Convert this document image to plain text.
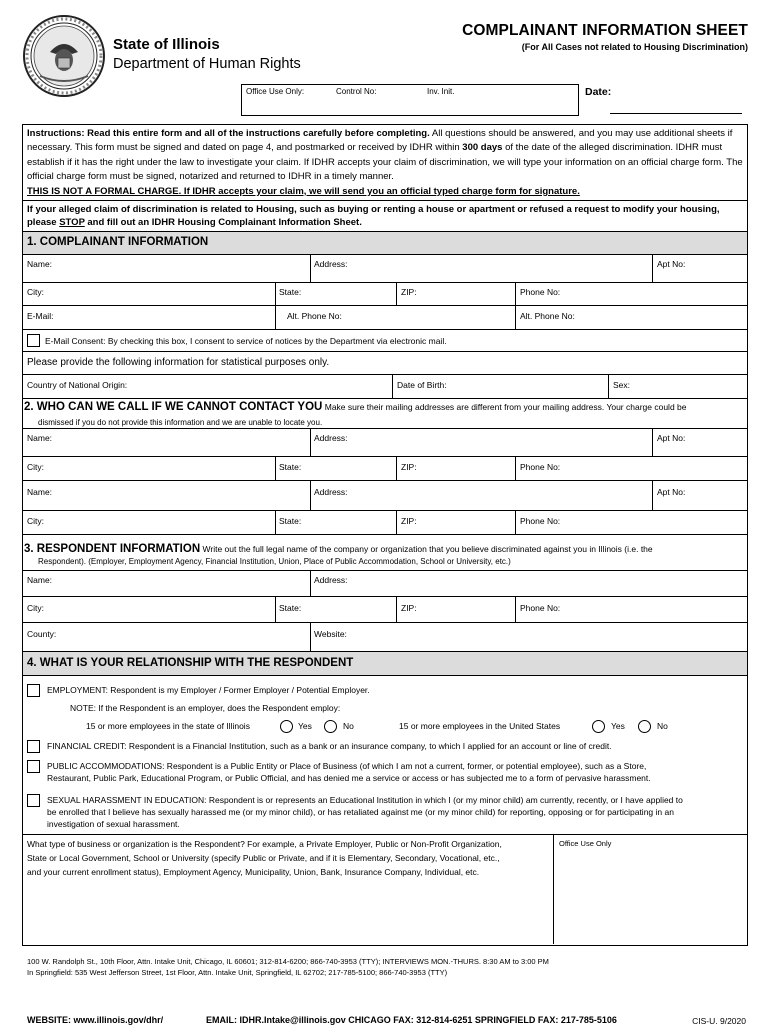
State of Illinois
Department of Human Rights
COMPLAINANT INFORMATION SHEET
(For All Cases not related to Housing Discrimination)
Office Use Only:	Control No:	Inv. Init.	Date:
Instructions: Read this entire form and all of the instructions carefully before completing. All questions should be answered, and you may use additional sheets if necessary. This form must be signed and dated on page 4, and postmarked or received by IDHR within 300 days of the date of the alleged discrimination. IDHR must establish if it has the right under the law to investigate your claim. If IDHR accepts your claim of discrimination, we will type your information on an official charge form. The official charge form must be signed, notarized and returned to IDHR in a timely manner.
THIS IS NOT A FORMAL CHARGE. If IDHR accepts your claim, we will send you an official typed charge form for signature.
If your alleged claim of discrimination is related to Housing, such as buying or renting a house or apartment or refused a request to modify your housing, please STOP and fill out an IDHR Housing Complainant Information Sheet.
1. COMPLAINANT INFORMATION
Name:	Address:	Apt No:
City:	State:	ZIP:	Phone No:
E-Mail:	Alt. Phone No:	Alt. Phone No:
E-Mail Consent: By checking this box, I consent to service of notices by the Department via electronic mail.
Please provide the following information for statistical purposes only.
Country of National Origin:	Date of Birth:	Sex:
2. WHO CAN WE CALL IF WE CANNOT CONTACT YOU Make sure their mailing addresses are different from your mailing address. Your charge could be
dismissed if you do not provide this information and we are unable to locate you.
Name:	Address:	Apt No:
City:	State:	ZIP:	Phone No:
Name:	Address:	Apt No:
City:	State:	ZIP:	Phone No:
3. RESPONDENT INFORMATION Write out the full legal name of the company or organization that you believe discriminated against you in Illinois (i.e. the
Respondent). (Employer, Employment Agency, Financial Institution, Union, Place of Public Accommodation, School or University, etc.)
Name:	Address:
City:	State:	ZIP:	Phone No:
County:	Website:
4. WHAT IS YOUR RELATIONSHIP WITH THE RESPONDENT
EMPLOYMENT: Respondent is my Employer / Former Employer / Potential Employer.
NOTE: If the Respondent is an employer, does the Respondent employ:
15 or more employees in the state of Illinois	Yes	No	15 or more employees in the United States	Yes	No
FINANCIAL CREDIT: Respondent is a Financial Institution, such as a bank or an insurance company, to which I applied for an account or line of credit.
PUBLIC ACCOMMODATIONS: Respondent is a Public Entity or Place of Business (of which I am not a current, former, or potential employee), such as a Store,
Restaurant, Public Park, Educational Program, or Public Official, and has denied me a service or access or has subjected me to a form of pervasive harassment.
SEXUAL HARASSMENT IN EDUCATION: Respondent is or represents an Educational Institution in which I (or my minor child) am currently, recently, or I have applied to
be enrolled that I believe has sexually harassed me (or my minor child), or has retaliated against me (or my minor child) for reporting, opposing or for participating in an
investigation of sexual harassment.
What type of business or organization is the Respondent? For example, a Private Employer, Public or Non-Profit Organization,
State or Local Government, School or University (specify Public or Private, and if it is Elementary, Secondary, Vocational, etc.,
and your current enrollment status), Employment Agency, Municipality, Union, Bank, Insurance Company, Individual, etc.
Office Use Only
100 W. Randolph St., 10th Floor, Attn. Intake Unit, Chicago, IL 60601; 312-814-6200; 866-740-3953 (TTY); INTERVIEWS MON.-THURS. 8:30 AM to 3:00 PM
In Springfield: 535 West Jefferson Street, 1st Floor, Attn. Intake Unit, Springfield, IL 62702; 217-785-5100; 866-740-3953 (TTY)
WEBSITE: www.illinois.gov/dhr/	EMAIL: IDHR.Intake@illinois.gov CHICAGO FAX: 312-814-6251 SPRINGFIELD FAX: 217-785-5106	CIS-U. 9/2020
